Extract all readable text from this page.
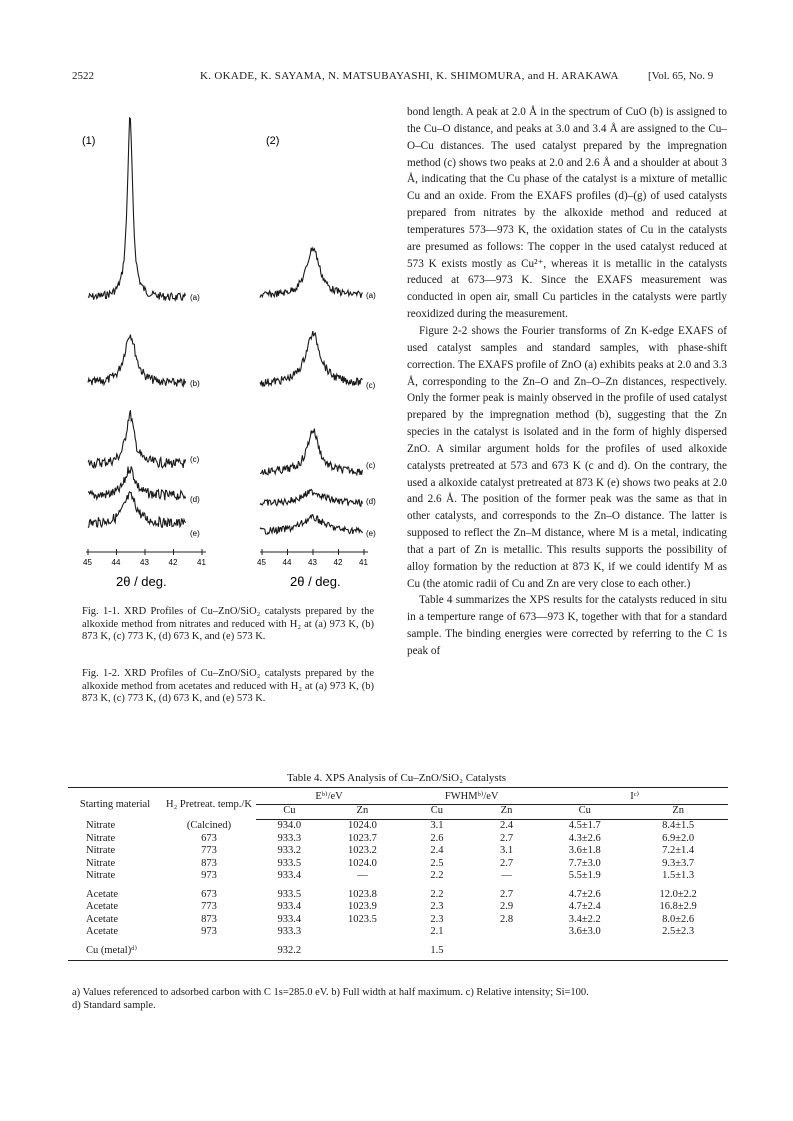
2522	K. OKADE, K. SAYAMA, N. MATSUBAYASHI, K. SHIMOMURA, and H. ARAKAWA	[Vol. 65, No. 9
(1)	(2)
(a)
(b)
(c)
(d)
(e)
(a)
(c)
(c)
(d)
(e)
45 44 43 42 41	45 44 43 42 41
2θ / deg.	2θ / deg.

Fig. 1-1. XRD Profiles of Cu–ZnO/SiO₂ catalysts prepared by the alkoxide method from nitrates and reduced with H₂ at (a) 973 K, (b) 873 K, (c) 773 K, (d) 673 K, and (e) 573 K.

Fig. 1-2. XRD Profiles of Cu–ZnO/SiO₂ catalysts prepared by the alkoxide method from acetates and reduced with H₂ at (a) 973 K, (b) 873 K, (c) 773 K, (d) 673 K, and (e) 573 K.

bond length. A peak at 2.0 Å in the spectrum of CuO (b) is assigned to the Cu–O distance, and peaks at 3.0 and 3.4 Å are assigned to the Cu–O–Cu distances. The used catalyst prepared by the impregnation method (c) shows two peaks at 2.0 and 2.6 Å and a shoulder at about 3 Å, indicating that the Cu phase of the catalyst is a mixture of metallic Cu and an oxide. From the EXAFS profiles (d)–(g) of used catalysts prepared from nitrates by the alkoxide method and reduced at temperatures 573—973 K, the oxidation states of Cu in the catalysts are presumed as follows: The copper in the used catalyst reduced at 573 K exists mostly as Cu²⁺, whereas it is metallic in the catalysts reduced at 673—973 K. Since the EXAFS measurement was conducted in open air, small Cu particles in the catalysts were partly reoxidized during the measurement.

Figure 2-2 shows the Fourier transforms of Zn K-edge EXAFS of used catalyst samples and standard samples, with phase-shift correction. The EXAFS profile of ZnO (a) exhibits peaks at 2.0 and 3.3 Å, corresponding to the Zn–O and Zn–O–Zn distances, respectively. Only the former peak is mainly observed in the profile of used catalyst prepared by the impregnation method (b), suggesting that the Zn species in the catalyst is isolated and in the form of highly dispersed ZnO. A similar argument holds for the profiles of used alkoxide catalysts pretreated at 573 and 673 K (c and d). On the contrary, the used a alkoxide catalyst pretreated at 873 K (e) shows two peaks at 2.0 and 2.6 Å. The position of the former peak was the same as that in other catalysts, and corresponds to the Zn–O distance. The latter is supposed to reflect the Zn–M distance, where M is a metal, indicating that a part of Zn is metallic. This results supports the possibility of alloy formation by the reduction at 873 K, if we could identify M as Cu (the atomic radii of Cu and Zn are very close to each other.)

Table 4 summarizes the XPS results for the catalysts reduced in situ in a temperture range of 673—973 K, together with that for a standard sample. The binding energies were corrected by referring to the C 1s peak of

Table 4. XPS Analysis of Cu–ZnO/SiO₂ Catalysts
Starting material	H₂ Pretreat. temp./K	Eᵇ⁾/eV		FWHMᵇ⁾/eV		Iᶜ⁾	
		Cu	Zn	Cu	Zn	Cu	Zn
Nitrate	(Calcined)	934.0	1024.0	3.1	2.4	4.5±1.7	8.4±1.5
Nitrate	673	933.3	1023.7	2.6	2.7	4.3±2.6	6.9±2.0
Nitrate	773	933.2	1023.2	2.4	3.1	3.6±1.8	7.2±1.4
Nitrate	873	933.5	1024.0	2.5	2.7	7.7±3.0	9.3±3.7
Nitrate	973	933.4	—	2.2	—	5.5±1.9	1.5±1.3

Acetate	673	933.5	1023.8	2.2	2.7	4.7±2.6	12.0±2.2
Acetate	773	933.4	1023.9	2.3	2.9	4.7±2.4	16.8±2.9
Acetate	873	933.4	1023.5	2.3	2.8	3.4±2.2	8.0±2.6
Acetate	973	933.3		2.1		3.6±3.0	2.5±2.3

Cu (metal)ᵈ⁾		932.2		1.5			
a) Values referenced to adsorbed carbon with C 1s=285.0 eV. b) Full width at half maximum. c) Relative intensity; Si=100.
d) Standard sample.
